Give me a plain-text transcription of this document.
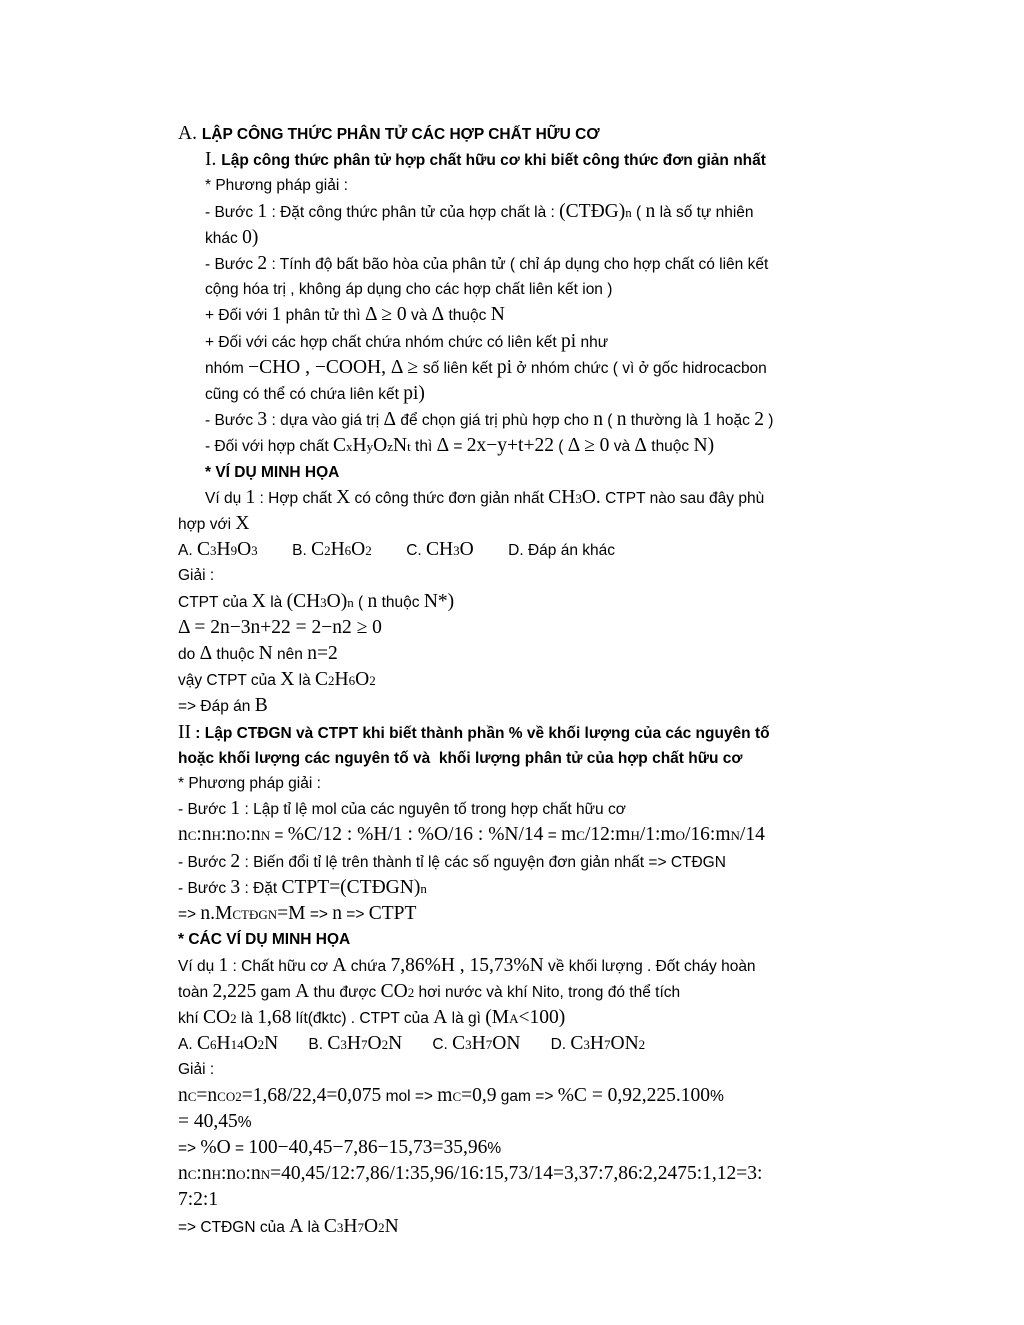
A. LẬP CÔNG THỨC PHÂN TỬ CÁC HỢP CHẤT HỮU CƠ
I. Lập công thức phân tử hợp chất hữu cơ khi biết công thức đơn giản nhất
* Phương pháp giải :
- Bước 1 : Đặt công thức phân tử của hợp chất là : (CTĐG)n ( n là số tự nhiên
khác 0)
- Bước 2 : Tính độ bất bão hòa của phân tử ( chỉ áp dụng cho hợp chất có liên kết
cộng hóa trị , không áp dụng cho các hợp chất liên kết ion )
+ Đối với 1 phân tử thì Δ ≥ 0 và Δ thuộc N
+ Đối với các hợp chất chứa nhóm chức có liên kết pi như
nhóm −CHO , −COOH, Δ ≥ số liên kết pi ở nhóm chức ( vì ở gốc hidrocacbon
cũng có thể có chứa liên kết pi)
- Bước 3 : dựa vào giá trị Δ để chọn giá trị phù hợp cho n ( n thường là 1 hoặc 2 )
- Đối với hợp chất CxHyOzNt thì Δ = 2x−y+t+22 ( Δ ≥ 0 và Δ thuộc N)
* VÍ DỤ MINH HỌA
Ví dụ 1 : Hợp chất X có công thức đơn giản nhất CH3O. CTPT nào sau đây phù
hợp với X
A. C3H9O3 B. C2H6O2 C. CH3O D. Đáp án khác
Giải :
CTPT của X là (CH3O)n ( n thuộc N*)
Δ = 2n−3n+22 = 2−n2 ≥ 0
do Δ thuộc N nên n=2
vậy CTPT của X là C2H6O2
=> Đáp án B
II : Lập CTĐGN và CTPT khi biết thành phần % về khối lượng của các nguyên tố
hoặc khối lượng các nguyên tố và  khối lượng phân tử của hợp chất hữu cơ
* Phương pháp giải :
- Bước 1 : Lập tỉ lệ mol của các nguyên tố trong hợp chất hữu cơ
nC:nH:nO:nN = %C/12 : %H/1 : %O/16 : %N/14 = mC/12:mH/1:mO/16:mN/14
- Bước 2 : Biến đổi tỉ lệ trên thành tỉ lệ các số nguyện đơn giản nhất => CTĐGN
- Bước 3 : Đặt CTPT=(CTĐGN)n
=> n.MCTĐGN=M => n => CTPT
* CÁC VÍ DỤ MINH HỌA
Ví dụ 1 : Chất hữu cơ A chứa 7,86%H , 15,73%N về khối lượng . Đốt cháy hoàn
toàn 2,225 gam A thu được CO2 hơi nước và khí Nito, trong đó thể tích
khí CO2 là 1,68 lít(đktc) . CTPT của A là gì (MA<100)
A. C6H14O2N B. C3H7O2N C. C3H7ON D. C3H7ON2
Giải :
nC=nCO2=1,68/22,4=0,075 mol => mC=0,9 gam => %C = 0,92,225.100%
= 40,45%
=> %O = 100−40,45−7,86−15,73=35,96%
nC:nH:nO:nN=40,45/12:7,86/1:35,96/16:15,73/14=3,37:7,86:2,2475:1,12=3:
7:2:1
=> CTĐGN của A là C3H7O2N
